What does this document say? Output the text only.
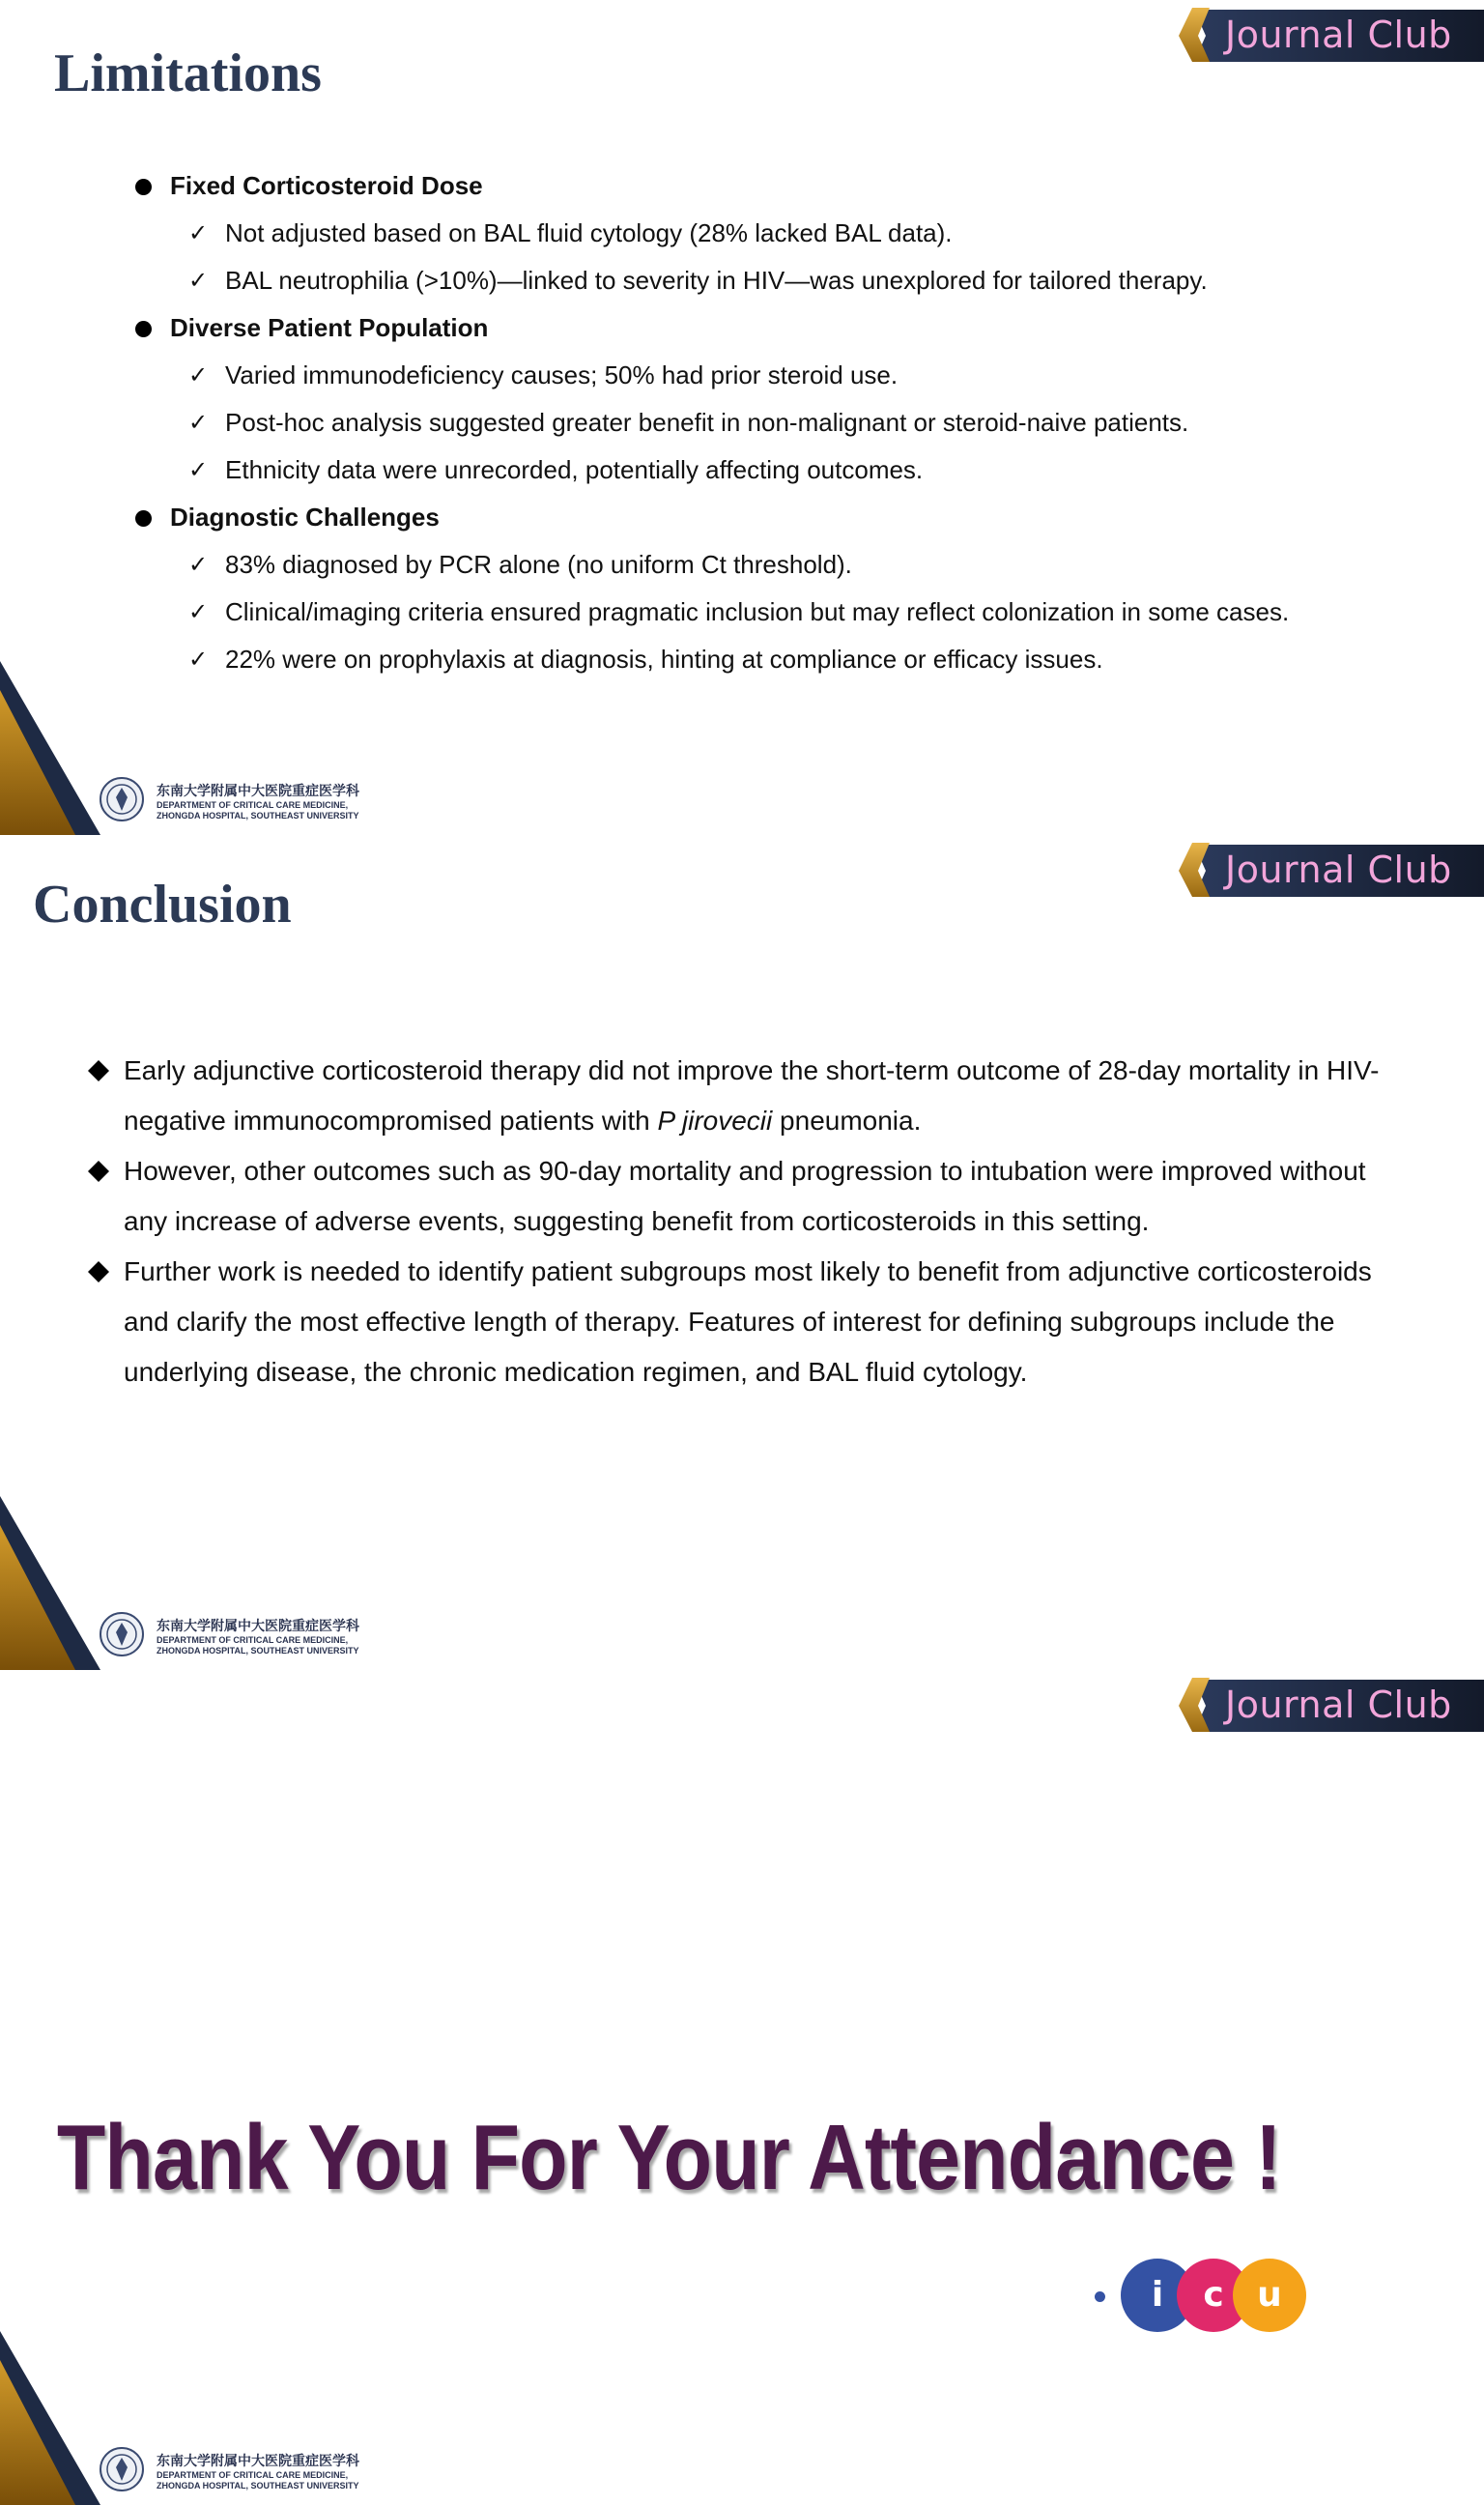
Journal Club
Limitations
Fixed Corticosteroid Dose
✓ Not adjusted based on BAL fluid cytology (28% lacked BAL data).
✓ BAL neutrophilia (>10%)—linked to severity in HIV—was unexplored for tailored therapy.
Diverse Patient Population
✓ Varied immunodeficiency causes; 50% had prior steroid use.
✓ Post-hoc analysis suggested greater benefit in non-malignant or steroid-naive patients.
✓ Ethnicity data were unrecorded, potentially affecting outcomes.
Diagnostic Challenges
✓ 83% diagnosed by PCR alone (no uniform Ct threshold).
✓ Clinical/imaging criteria ensured pragmatic inclusion but may reflect colonization in some cases.
✓ 22% were on prophylaxis at diagnosis, hinting at compliance or efficacy issues.
东南大学附属中大医院重症医学科
DEPARTMENT OF CRITICAL CARE MEDICINE,
ZHONGDA HOSPITAL, SOUTHEAST UNIVERSITY
Journal Club
Conclusion
Early adjunctive corticosteroid therapy did not improve the short-term outcome of 28-day mortality in HIV-negative immunocompromised patients with P jirovecii pneumonia.
However, other outcomes such as 90-day mortality and progression to intubation were improved without any increase of adverse events, suggesting benefit from corticosteroids in this setting.
Further work is needed to identify patient subgroups most likely to benefit from adjunctive corticosteroids and clarify the most effective length of therapy. Features of interest for defining subgroups include the underlying disease, the chronic medication regimen, and BAL fluid cytology.
东南大学附属中大医院重症医学科
DEPARTMENT OF CRITICAL CARE MEDICINE,
ZHONGDA HOSPITAL, SOUTHEAST UNIVERSITY
Journal Club
Thank You For Your Attendance !
i	c u
东南大学附属中大医院重症医学科
DEPARTMENT OF CRITICAL CARE MEDICINE,
ZHONGDA HOSPITAL, SOUTHEAST UNIVERSITY
